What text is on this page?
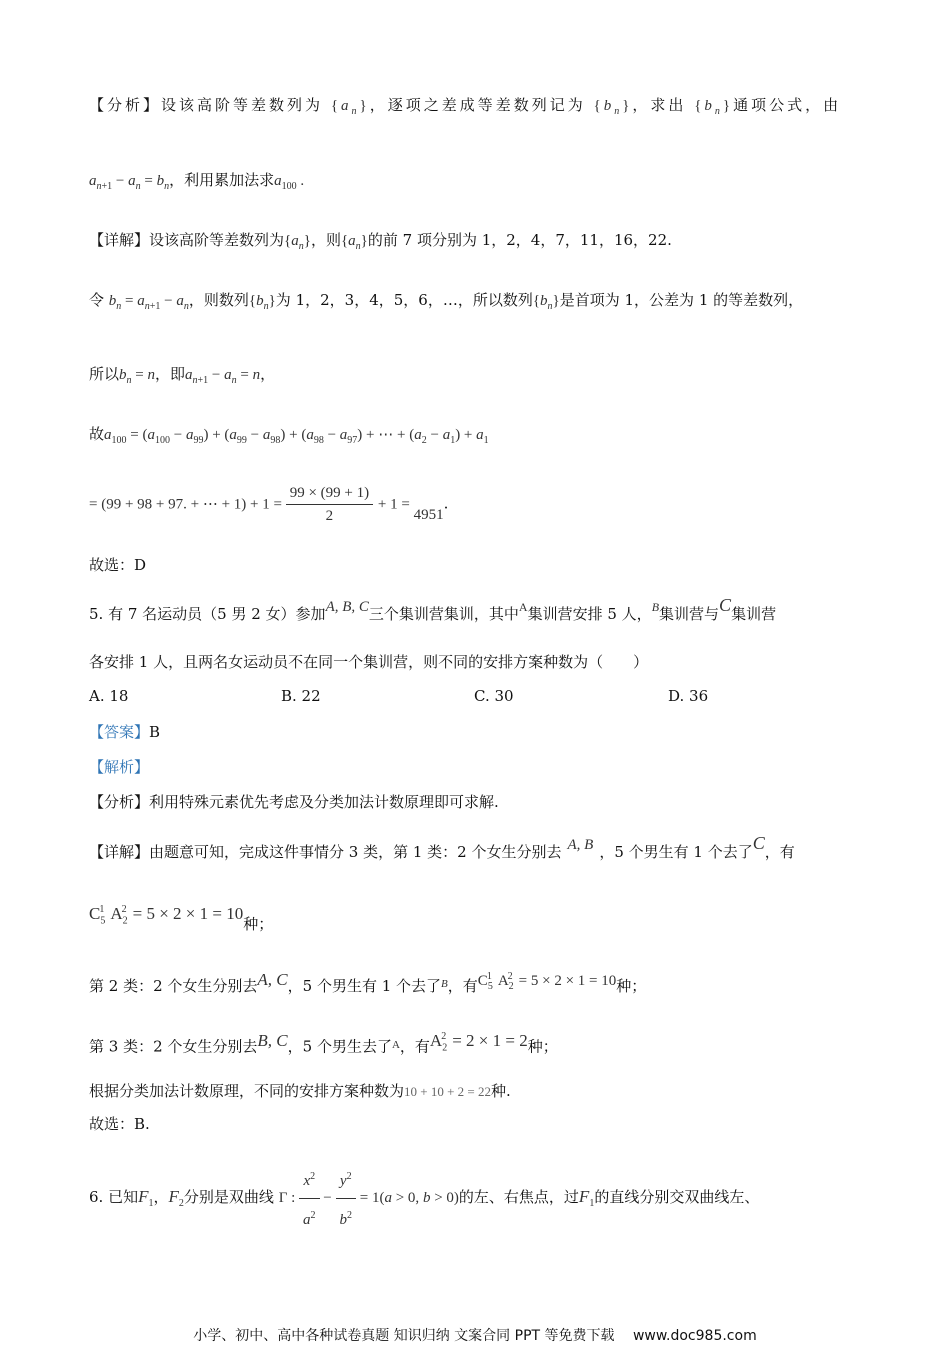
【分析】设该高阶等差数列为 $\{a_n\}$，逐项之差成等差数列记为 $\{b_n\}$，求出 $\{b_n\}$通项公式，由
$a_{n+1} - a_n = b_n$，利用累加法求$a_{100}$ .
【详解】设该高阶等差数列为$\{a_n\}$，则$\{a_n\}$的前 7 项分别为 1，2，4，7，11，16，22.
令 $b_n = a_{n+1} - a_n$，则数列$\{b_n\}$为 1，2，3，4，5，6，…，所以数列$\{b_n\}$是首项为 1，公差为 1 的等差数列，
所以$b_n = n$，即$a_{n+1} - a_n = n$，
故$a_{100} = (a_{100} - a_{99}) + (a_{99} - a_{98}) + (a_{98} - a_{97})$ + ⋯ + $(a_2 - a_1) + a_1$
= (99 + 98 + 97. + ⋯ + $1) + 1 = \frac{99 \times (99 + 1)}{2} + 1 = 4951$.
故选：D
5. 有 7 名运动员（5 男 2 女）参加A, B, C三个集训营集训，其中$^A$集训营安排 5 人，$^B$集训营与C集训营
各安排 1 人，且两名女运动员不在同一个集训营，则不同的安排方案种数为（　　）
A. 18	B. 22	C. 30	D. 36
【答案】B
【解析】
【分析】利用特殊元素优先考虑及分类加法计数原理即可求解.
【详解】由题意可知，完成这件事情分 3 类，第 1 类：2 个女生分别去 A, B ，5 个男生有 1 个去了C，有
$C_5^1$ $A_2^2 = 5 \times 2 \times 1 = 10$种；
第 2 类：2 个女生分别去A, C，5 个男生有 1 个去了$^B$，有$C_5^1$ $A_2^2 = 5 \times 2 \times 1 = 10$种；
第 3 类：2 个女生分别去B, C，5 个男生去了$^A$，有$A_2^2 = 2 \times 1 = 2$种；
根据分类加法计数原理，不同的安排方案种数为10 + 10 + 2 = 22种.
故选：B.
6. 已知$F_1$，$F_2$分别是双曲线 Γ : $\frac{x^2}{a^2} - \frac{y^2}{b^2} = 1(a > 0$, b > 0)的左、右焦点，过$F_1$的直线分别交双曲线左、
小学、初中、高中各种试卷真题 知识归纳 文案合同 PPT 等免费下载　 www.doc985.com
